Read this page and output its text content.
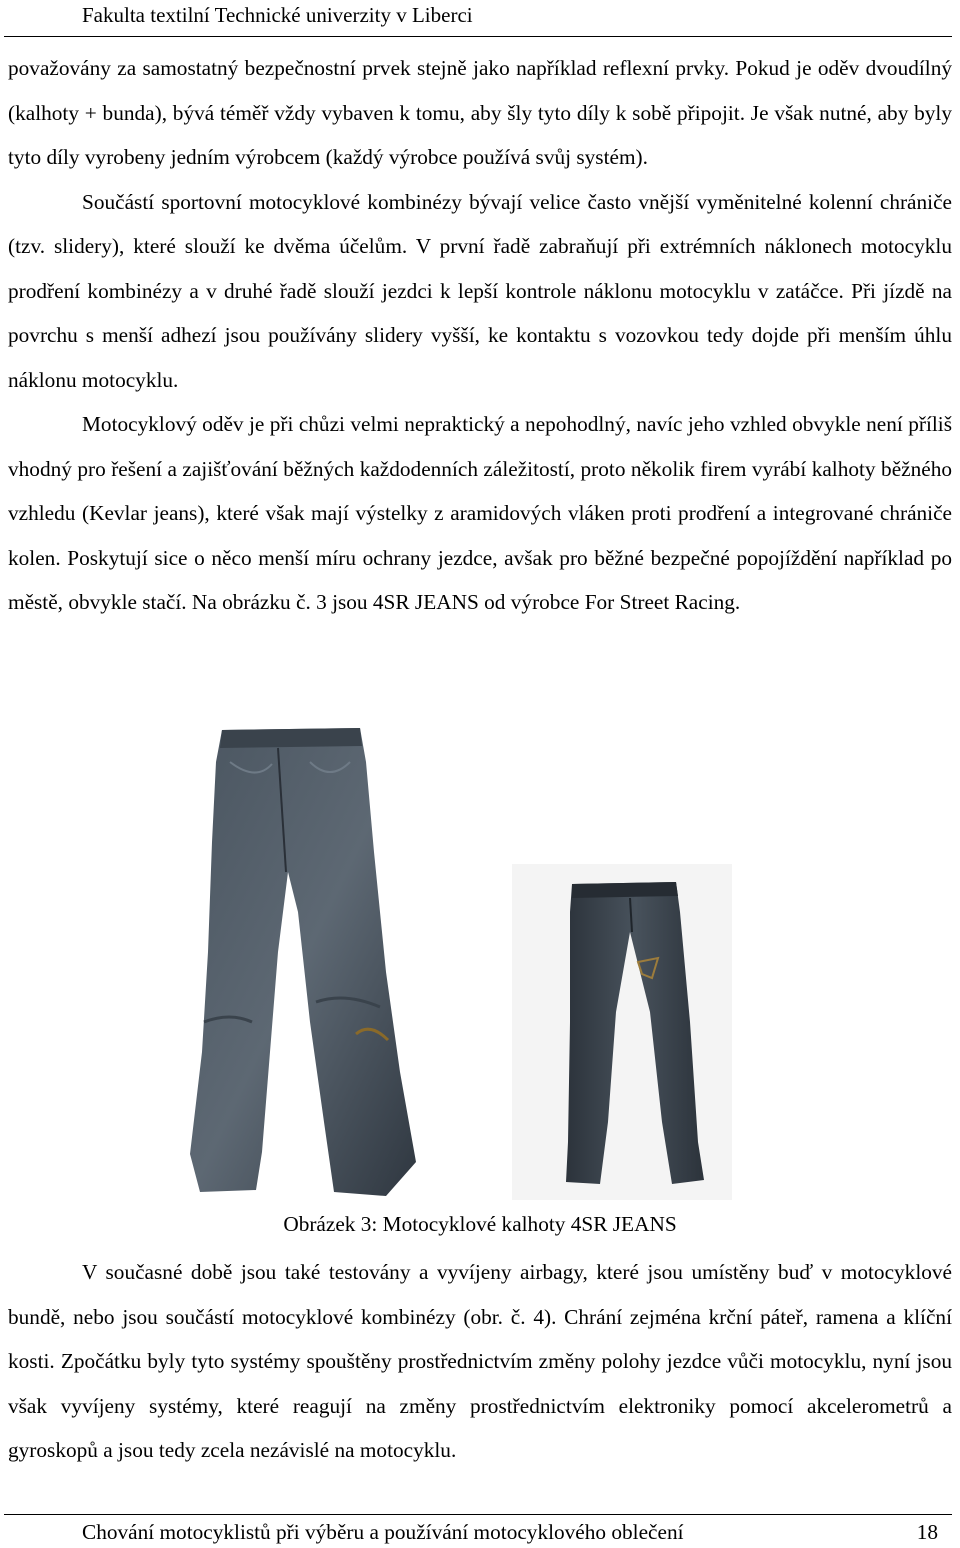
Fakulta textilní Technické univerzity v Liberci

považovány za samostatný bezpečnostní prvek stejně jako například reflexní prvky. Pokud je oděv dvoudílný (kalhoty + bunda), bývá téměř vždy vybaven k tomu, aby šly tyto díly k sobě připojit. Je však nutné, aby byly tyto díly vyrobeny jedním výrobcem (každý výrobce používá svůj systém).

Součástí sportovní motocyklové kombinézy bývají velice často vnější vyměnitelné kolenní chrániče (tzv. slidery), které slouží ke dvěma účelům. V první řadě zabraňují při extrémních náklonech motocyklu prodření kombinézy a v druhé řadě slouží jezdci k lepší kontrole náklonu motocyklu v zatáčce. Při jízdě na povrchu s menší adhezí jsou používány slidery vyšší, ke kontaktu s vozovkou tedy dojde při menším úhlu náklonu motocyklu.

Motocyklový oděv je při chůzi velmi nepraktický a nepohodlný, navíc jeho vzhled obvykle není příliš vhodný pro řešení a zajišťování běžných každodenních záležitostí, proto několik firem vyrábí kalhoty běžného vzhledu (Kevlar jeans), které však mají výstelky z aramidových vláken proti prodření a integrované chrániče kolen. Poskytují sice o něco menší míru ochrany jezdce, avšak pro běžné bezpečné popojíždění například po městě, obvykle stačí. Na obrázku č. 3 jsou 4SR JEANS od výrobce For Street Racing.

Obrázek 3: Motocyklové kalhoty 4SR JEANS

V současné době jsou také testovány a vyvíjeny airbagy, které jsou umístěny buď v motocyklové bundě, nebo jsou součástí motocyklové kombinézy (obr. č. 4). Chrání zejména krční páteř, ramena a klíční kosti. Zpočátku byly tyto systémy spouštěny prostřednictvím změny polohy jezdce vůči motocyklu, nyní jsou však vyvíjeny systémy, které reagují na změny prostřednictvím elektroniky pomocí akcelerometrů a gyroskopů a jsou tedy zcela nezávislé na motocyklu.

Chování motocyklistů při výběru a používání motocyklového oblečení	18
